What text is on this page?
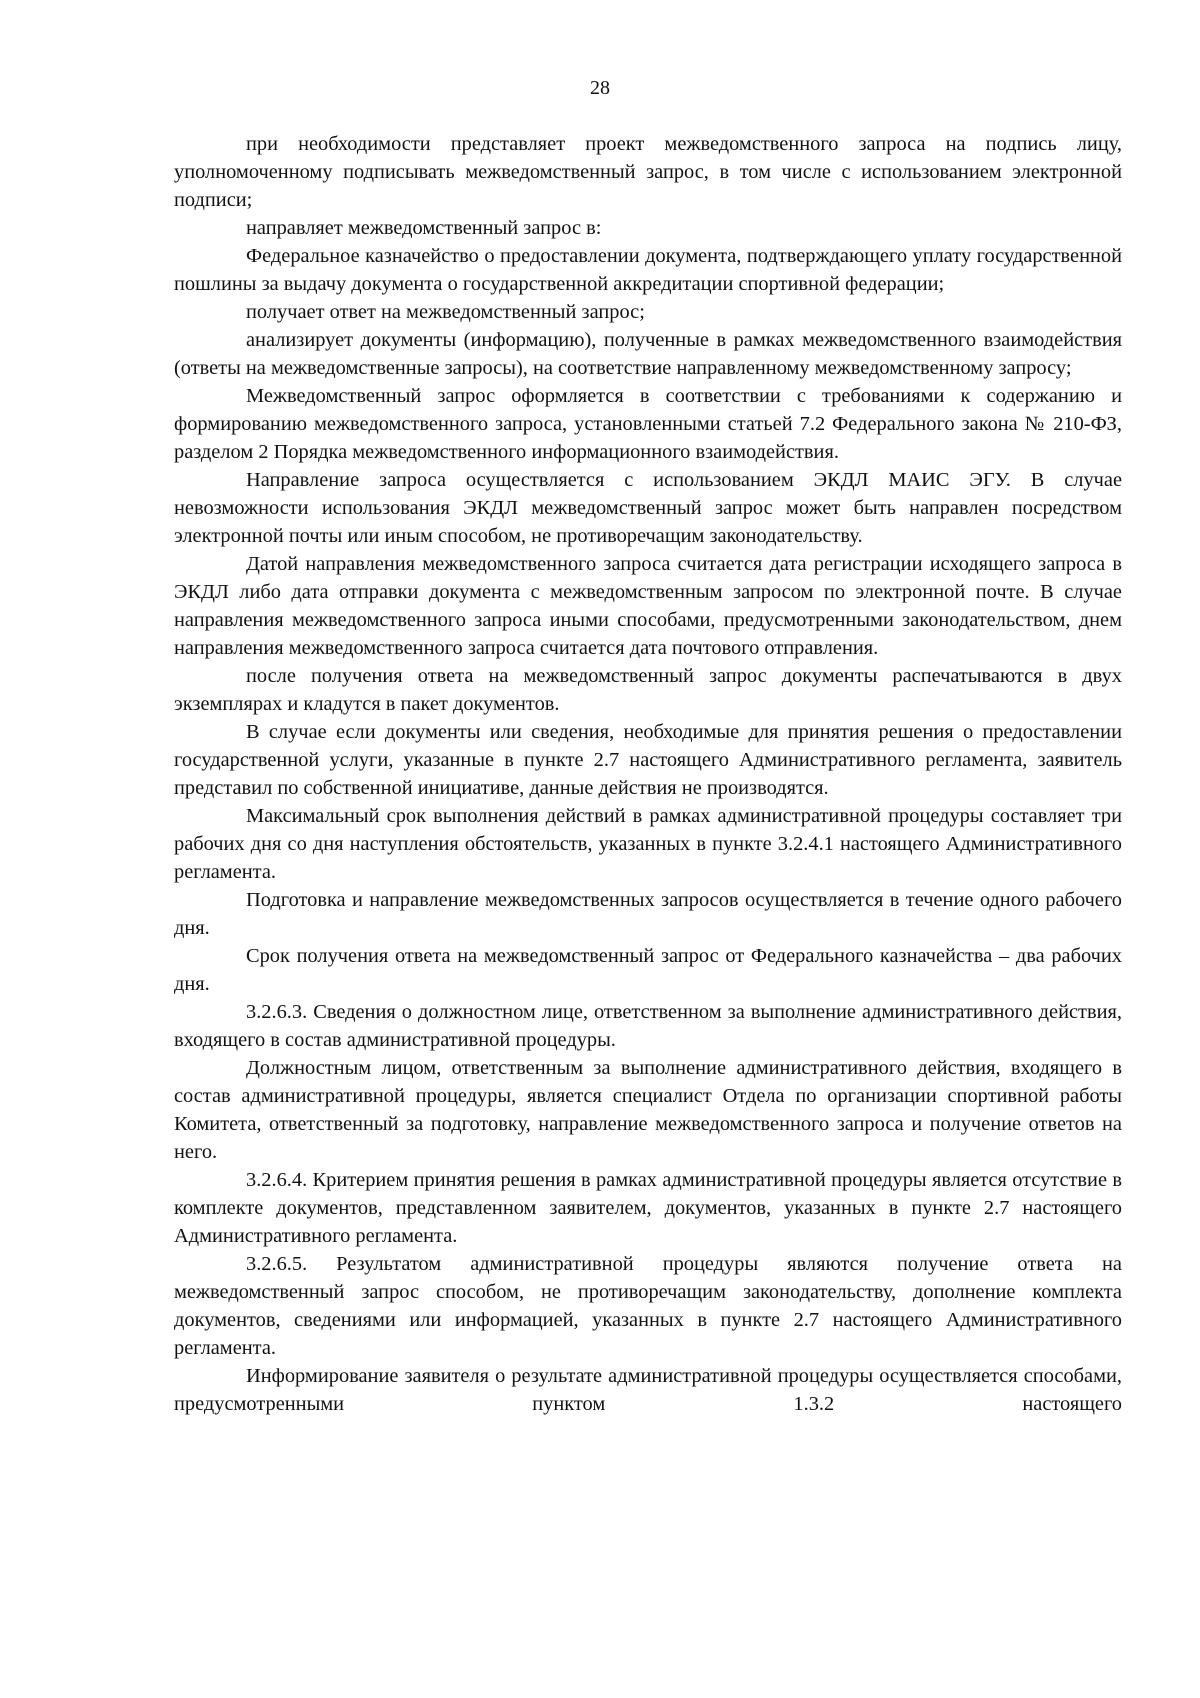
28

при необходимости представляет проект межведомственного запроса на подпись лицу, уполномоченному подписывать межведомственный запрос, в том числе с использованием электронной подписи;

направляет межведомственный запрос в:

Федеральное казначейство о предоставлении документа, подтверждающего уплату государственной пошлины за выдачу документа о государственной аккредитации спортивной федерации;

получает ответ на межведомственный запрос;

анализирует документы (информацию), полученные в рамках межведомственного взаимодействия (ответы на межведомственные запросы), на соответствие направленному межведомственному запросу;

Межведомственный запрос оформляется в соответствии с требованиями к содержанию и формированию межведомственного запроса, установленными статьей 7.2 Федерального закона № 210-ФЗ, разделом 2 Порядка межведомственного информационного взаимодействия.

Направление запроса осуществляется с использованием ЭКДЛ МАИС ЭГУ. В случае невозможности использования ЭКДЛ межведомственный запрос может быть направлен посредством электронной почты или иным способом, не противоречащим законодательству.

Датой направления межведомственного запроса считается дата регистрации исходящего запроса в ЭКДЛ либо дата отправки документа с межведомственным запросом по электронной почте. В случае направления межведомственного запроса иными способами, предусмотренными законодательством, днем направления межведомственного запроса считается дата почтового отправления.

после получения ответа на межведомственный запрос документы распечатываются в двух экземплярах и кладутся в пакет документов.

В случае если документы или сведения, необходимые для принятия решения о предоставлении государственной услуги, указанные в пункте 2.7 настоящего Административного регламента, заявитель представил по собственной инициативе, данные действия не производятся.

Максимальный срок выполнения действий в рамках административной процедуры составляет три рабочих дня со дня наступления обстоятельств, указанных в пункте 3.2.4.1 настоящего Административного регламента.

Подготовка и направление межведомственных запросов осуществляется в течение одного рабочего дня.

Срок получения ответа на межведомственный запрос от Федерального казначейства – два рабочих дня.

3.2.6.3. Сведения о должностном лице, ответственном за выполнение административного действия, входящего в состав административной процедуры.

Должностным лицом, ответственным за выполнение административного действия, входящего в состав административной процедуры, является специалист Отдела по организации спортивной работы Комитета, ответственный за подготовку, направление межведомственного запроса и получение ответов на него.

3.2.6.4. Критерием принятия решения в рамках административной процедуры является отсутствие в комплекте документов, представленном заявителем, документов, указанных в пункте 2.7 настоящего Административного регламента.

3.2.6.5. Результатом административной процедуры являются получение ответа на межведомственный запрос способом, не противоречащим законодательству, дополнение комплекта документов, сведениями или информацией, указанных в пункте 2.7 настоящего Административного регламента.

Информирование заявителя о результате административной процедуры осуществляется способами, предусмотренными пунктом 1.3.2 настоящего
